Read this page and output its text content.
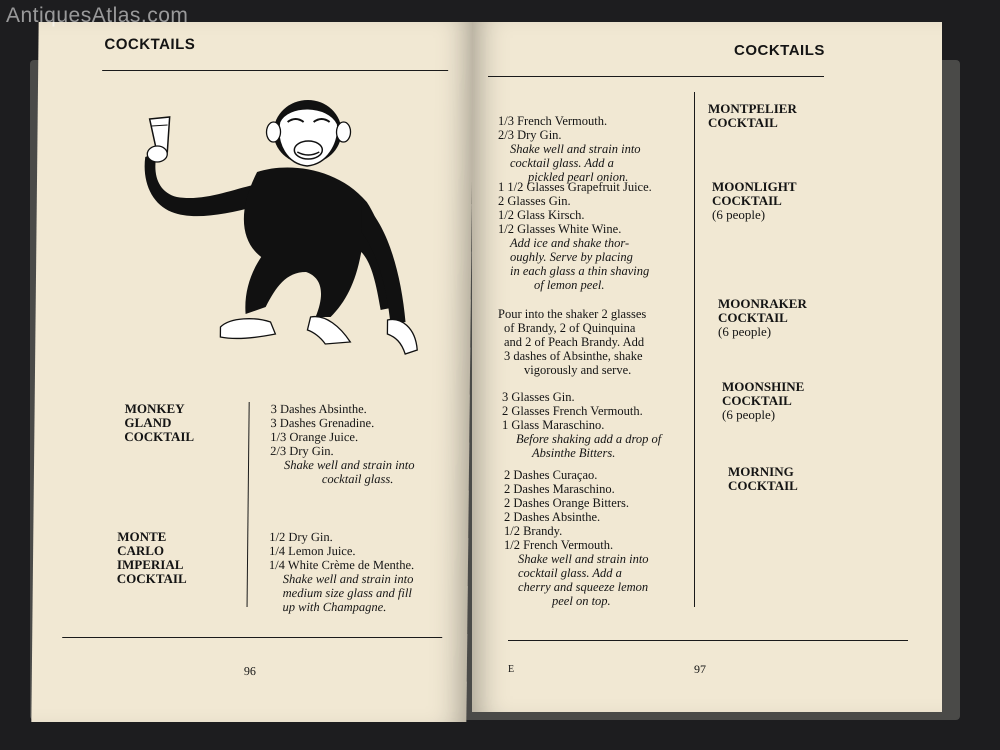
AntiquesAtlas.com
COCKTAILS
MONKEY
GLAND
COCKTAIL
3 Dashes Absinthe.
3 Dashes Grenadine.
1/3 Orange Juice.
2/3 Dry Gin.
Shake well and strain into
cocktail glass.
MONTE
CARLO
IMPERIAL
COCKTAIL
1/2 Dry Gin.
1/4 Lemon Juice.
1/4 White Crème de Menthe.
Shake well and strain into
medium size glass and fill
up with Champagne.
96
COCKTAILS
1/3 French Vermouth.
2/3 Dry Gin.
Shake well and strain into
cocktail glass. Add a
pickled pearl onion.
MONTPELIER
COCKTAIL
1 1/2 Glasses Grapefruit Juice.
2 Glasses Gin.
1/2 Glass Kirsch.
1/2 Glasses White Wine.
Add ice and shake thor-
oughly. Serve by placing
in each glass a thin shaving
of lemon peel.
MOONLIGHT
COCKTAIL
(6 people)
Pour into the shaker 2 glasses
of Brandy, 2 of Quinquina
and 2 of Peach Brandy. Add
3 dashes of Absinthe, shake
vigorously and serve.
MOONRAKER
COCKTAIL
(6 people)
3 Glasses Gin.
2 Glasses French Vermouth.
1 Glass Maraschino.
Before shaking add a drop of
Absinthe Bitters.
MOONSHINE
COCKTAIL
(6 people)
2 Dashes Curaçao.
2 Dashes Maraschino.
2 Dashes Orange Bitters.
2 Dashes Absinthe.
1/2 Brandy.
1/2 French Vermouth.
Shake well and strain into
cocktail glass. Add a
cherry and squeeze lemon
peel on top.
MORNING
COCKTAIL
E	97
